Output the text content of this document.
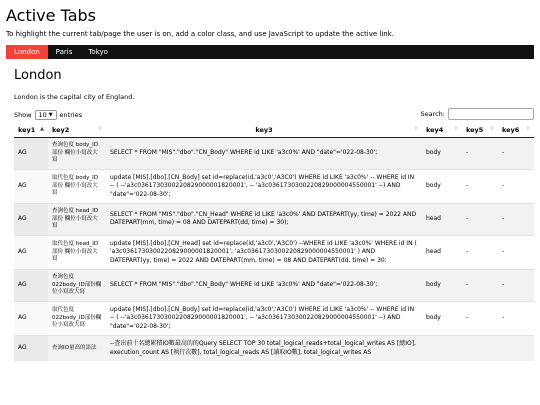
Active Tabs

To highlight the current tab/page the user is on, add a color class, and use JavaScript to update the active link.

London	Paris	Tokyo
London

London is the capital city of England.

Show 10 ▼ entries	Search:
key1 ▲	key2 ⇕	key3 ⇕	key4 ⇕	key5 ⇕	key6 ⇕

AG	查詢色度 body_ID部份 欄位小寫改大寫	SELECT * FROM "MIS"."dbo"."CN_Body" WHERE id LIKE 'a3c0%' AND "date"='022-08-30';	body	-	-
AG	取代色度 body_ID部份 欄位小寫改大寫	update [MIS].[dbo].[CN_Body] set id=replace(id,'a3c0','A3C0') WHERE id LIKE 'a3c0%' -- WHERE id IN -- ( --'a3c0361730300220829000001820001', -- 'a3c0361730300220829000004550001' --) AND "date"='022-08-30';	body	-	-
AG	查詢色度 head_ID部份 欄位小寫改大寫	SELECT * FROM "MIS"."dbo"."CN_Head" WHERE id LIKE 'a3c0%' AND DATEPART(yy, time) = 2022 AND DATEPART(mm, time) = 08 AND DATEPART(dd, time) = 30);	head	-	-
AG	取代色度 head_ID部份 欄位小寫改大寫	update [MIS].[dbo].[CN_Head] set id=replace(id,'a3c0','A3C0') --WHERE id LIKE 'a3c0%' WHERE id IN ( 'a3c0361730300220829000001820001', 'a3c0361730300220829000004550001' ) AND DATEPART(yy, time) = 2022 AND DATEPART(mm, time) = 08 AND DATEPART(dd, time) = 30;	head	-	-
AG	查詢色度 022body_ID部份欄位小寫改大寫	SELECT * FROM "MIS"."dbo"."CN_Body" WHERE id LIKE 'a3c0%' AND "date"='022-08-30';	body	-	-
AG	取代色度 022body_ID部份欄位小寫改大寫	update [MIS].[dbo].[CN_Body] set id=replace(id,'a3c0','A3C0') WHERE id LIKE 'a3c0%' -- WHERE id IN -- ( --'a3c0361730300220829000001820001', -- 'a3c0361730300220829000004550001' --) AND "date"='022-08-30';	body	-	-
AG	查詢IO量高的語法	--查出前十名總累積IO數最高的的Query SELECT TOP 30 total_logical_reads+total_logical_writes AS [總IO], execution_count AS [執行次數], total_logical_reads AS [讀取IO數], total_logical_writes AS			
